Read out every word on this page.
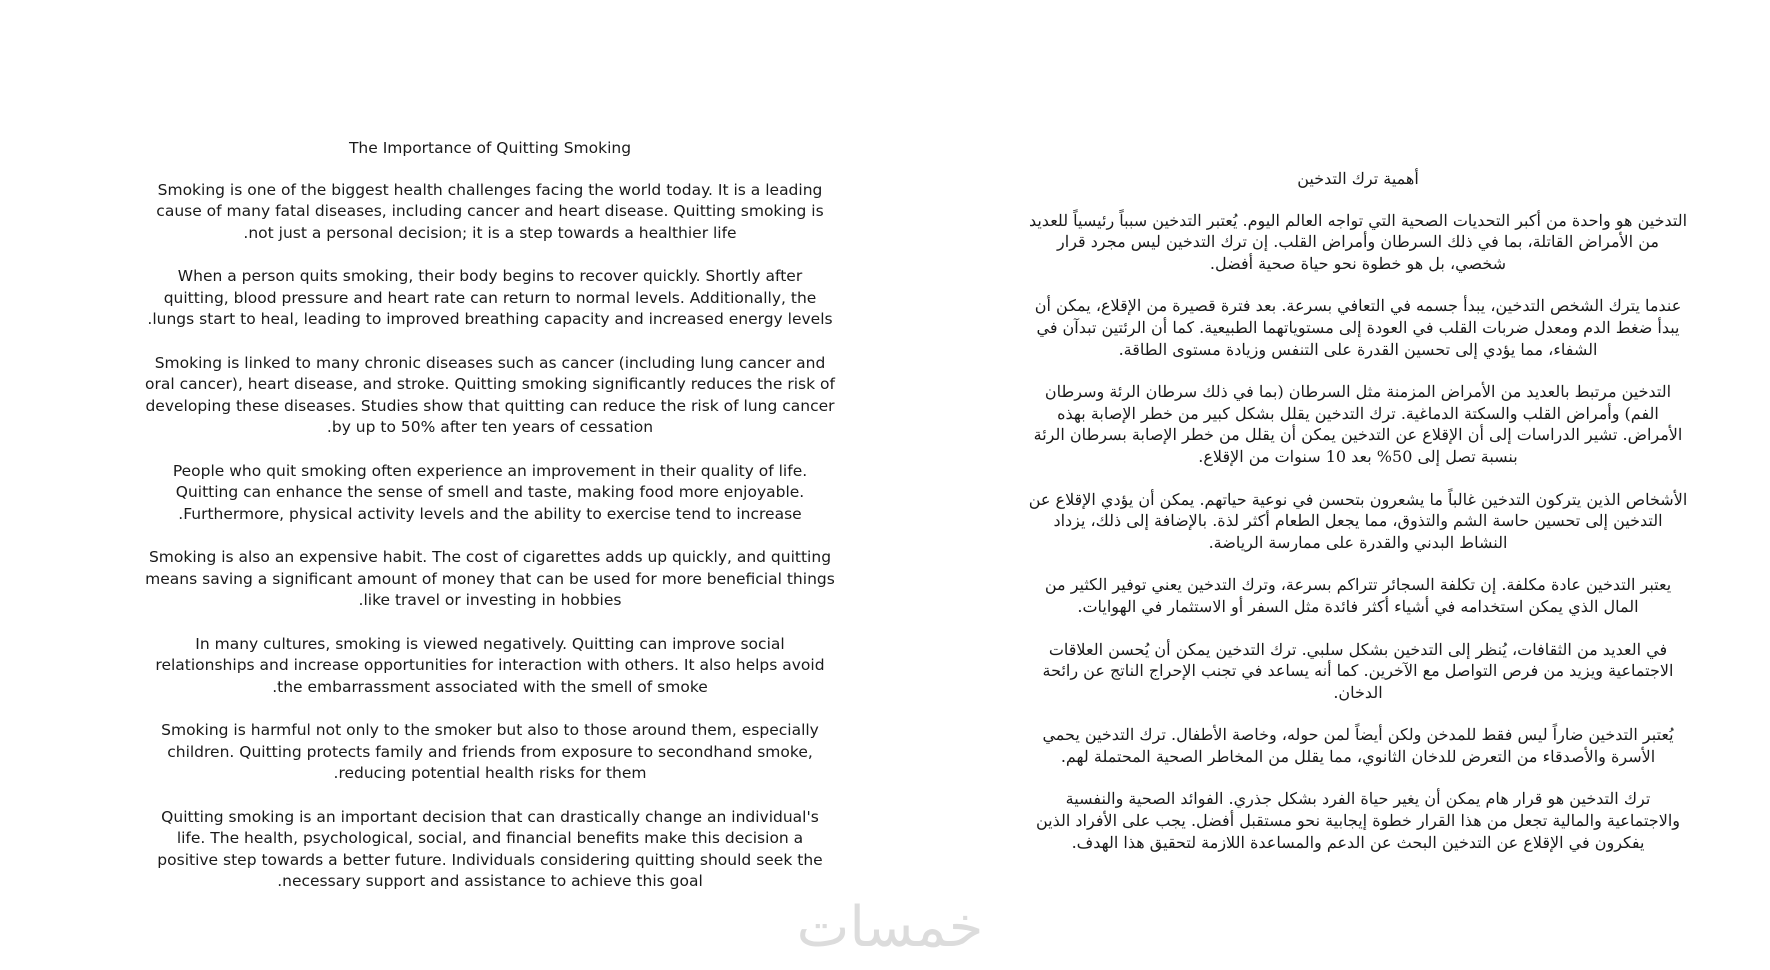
The Importance of Quitting Smoking

Smoking is one of the biggest health challenges facing the world today. It is a leading cause of many fatal diseases, including cancer and heart disease. Quitting smoking is not just a personal decision; it is a step towards a healthier life.

When a person quits smoking, their body begins to recover quickly. Shortly after quitting, blood pressure and heart rate can return to normal levels. Additionally, the lungs start to heal, leading to improved breathing capacity and increased energy levels.

Smoking is linked to many chronic diseases such as cancer (including lung cancer and oral cancer), heart disease, and stroke. Quitting smoking significantly reduces the risk of developing these diseases. Studies show that quitting can reduce the risk of lung cancer by up to 50% after ten years of cessation.

People who quit smoking often experience an improvement in their quality of life. Quitting can enhance the sense of smell and taste, making food more enjoyable. Furthermore, physical activity levels and the ability to exercise tend to increase.

Smoking is also an expensive habit. The cost of cigarettes adds up quickly, and quitting means saving a significant amount of money that can be used for more beneficial things like travel or investing in hobbies.

In many cultures, smoking is viewed negatively. Quitting can improve social relationships and increase opportunities for interaction with others. It also helps avoid the embarrassment associated with the smell of smoke.

Smoking is harmful not only to the smoker but also to those around them, especially children. Quitting protects family and friends from exposure to secondhand smoke, reducing potential health risks for them.

Quitting smoking is an important decision that can drastically change an individual's life. The health, psychological, social, and financial benefits make this decision a positive step towards a better future. Individuals considering quitting should seek the necessary support and assistance to achieve this goal.

أهمية ترك التدخين

التدخين هو واحدة من أكبر التحديات الصحية التي تواجه العالم اليوم. يُعتبر التدخين سبباً رئيسياً للعديد من الأمراض القاتلة، بما في ذلك السرطان وأمراض القلب. إن ترك التدخين ليس مجرد قرار شخصي، بل هو خطوة نحو حياة صحية أفضل.

عندما يترك الشخص التدخين، يبدأ جسمه في التعافي بسرعة. بعد فترة قصيرة من الإقلاع، يمكن أن يبدأ ضغط الدم ومعدل ضربات القلب في العودة إلى مستوياتهما الطبيعية. كما أن الرئتين تبدآن في الشفاء، مما يؤدي إلى تحسين القدرة على التنفس وزيادة مستوى الطاقة.

التدخين مرتبط بالعديد من الأمراض المزمنة مثل السرطان (بما في ذلك سرطان الرئة وسرطان الفم) وأمراض القلب والسكتة الدماغية. ترك التدخين يقلل بشكل كبير من خطر الإصابة بهذه الأمراض. تشير الدراسات إلى أن الإقلاع عن التدخين يمكن أن يقلل من خطر الإصابة بسرطان الرئة بنسبة تصل إلى 50% بعد 10 سنوات من الإقلاع.

الأشخاص الذين يتركون التدخين غالباً ما يشعرون بتحسن في نوعية حياتهم. يمكن أن يؤدي الإقلاع عن التدخين إلى تحسين حاسة الشم والتذوق، مما يجعل الطعام أكثر لذة. بالإضافة إلى ذلك، يزداد النشاط البدني والقدرة على ممارسة الرياضة.

يعتبر التدخين عادة مكلفة. إن تكلفة السجائر تتراكم بسرعة، وترك التدخين يعني توفير الكثير من المال الذي يمكن استخدامه في أشياء أكثر فائدة مثل السفر أو الاستثمار في الهوايات.

في العديد من الثقافات، يُنظر إلى التدخين بشكل سلبي. ترك التدخين يمكن أن يُحسن العلاقات الاجتماعية ويزيد من فرص التواصل مع الآخرين. كما أنه يساعد في تجنب الإحراج الناتج عن رائحة الدخان.

يُعتبر التدخين ضاراً ليس فقط للمدخن ولكن أيضاً لمن حوله، وخاصة الأطفال. ترك التدخين يحمي الأسرة والأصدقاء من التعرض للدخان الثانوي، مما يقلل من المخاطر الصحية المحتملة لهم.

ترك التدخين هو قرار هام يمكن أن يغير حياة الفرد بشكل جذري. الفوائد الصحية والنفسية والاجتماعية والمالية تجعل من هذا القرار خطوة إيجابية نحو مستقبل أفضل. يجب على الأفراد الذين يفكرون في الإقلاع عن التدخين البحث عن الدعم والمساعدة اللازمة لتحقيق هذا الهدف.

خمسات
